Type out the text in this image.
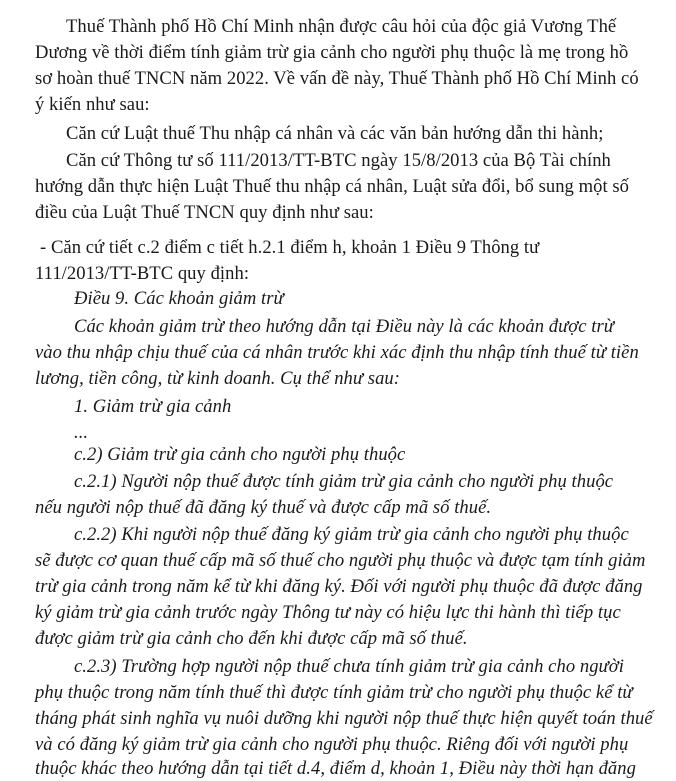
Thuế Thành phố Hồ Chí Minh nhận được câu hỏi của độc giả Vương Thế
Dương về thời điểm tính giảm trừ gia cảnh cho người phụ thuộc là mẹ trong hồ
sơ hoàn thuế TNCN năm 2022. Về vấn đề này, Thuế Thành phố Hồ Chí Minh có
ý kiến như sau:
Căn cứ Luật thuế Thu nhập cá nhân và các văn bản hướng dẫn thi hành;
Căn cứ Thông tư số 111/2013/TT-BTC ngày 15/8/2013 của Bộ Tài chính
hướng dẫn thực hiện Luật Thuế thu nhập cá nhân, Luật sửa đổi, bổ sung một số
điều của Luật Thuế TNCN quy định như sau:
- Căn cứ tiết c.2 điểm c tiết h.2.1 điểm h, khoản 1 Điều 9 Thông tư
111/2013/TT-BTC quy định:
Điều 9. Các khoản giảm trừ
Các khoản giảm trừ theo hướng dẫn tại Điều này là các khoản được trừ
vào thu nhập chịu thuế của cá nhân trước khi xác định thu nhập tính thuế từ tiền
lương, tiền công, từ kinh doanh. Cụ thể như sau:
1. Giảm trừ gia cảnh
...
c.2) Giảm trừ gia cảnh cho người phụ thuộc
c.2.1) Người nộp thuế được tính giảm trừ gia cảnh cho người phụ thuộc
nếu người nộp thuế đã đăng ký thuế và được cấp mã số thuế.
c.2.2) Khi người nộp thuế đăng ký giảm trừ gia cảnh cho người phụ thuộc
sẽ được cơ quan thuế cấp mã số thuế cho người phụ thuộc và được tạm tính giảm
trừ gia cảnh trong năm kể từ khi đăng ký. Đối với người phụ thuộc đã được đăng
ký giảm trừ gia cảnh trước ngày Thông tư này có hiệu lực thi hành thì tiếp tục
được giảm trừ gia cảnh cho đến khi được cấp mã số thuế.
c.2.3) Trường hợp người nộp thuế chưa tính giảm trừ gia cảnh cho người
phụ thuộc trong năm tính thuế thì được tính giảm trừ cho người phụ thuộc kể từ
tháng phát sinh nghĩa vụ nuôi dưỡng khi người nộp thuế thực hiện quyết toán thuế
và có đăng ký giảm trừ gia cảnh cho người phụ thuộc. Riêng đối với người phụ
thuộc khác theo hướng dẫn tại tiết d.4, điểm d, khoản 1, Điều này thời hạn đăng
